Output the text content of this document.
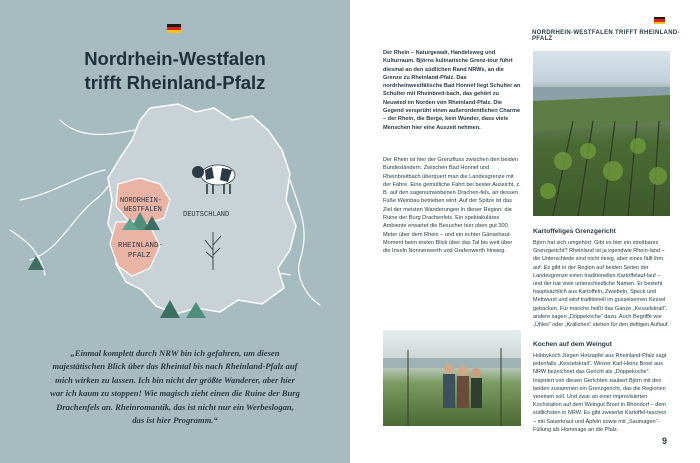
Nordrhein-Westfalen
trifft Rheinland-Pfalz
NORDRHEIN-
WESTFALEN
RHEINLAND-
PFALZ
DEUTSCHLAND
„Einmal komplett durch NRW bin ich gefahren, um diesen majestätischen Blick über das Rheintal bis nach Rheinland-Pfalz auf mich wirken zu lassen. Ich bin nicht der größte Wanderer, aber hier war ich kaum zu stoppen! Wie magisch zieht einen die Ruine der Burg Drachenfels an. Rheinromantik, das ist nicht nur ein Werbeslogan, das ist hier Programm.“
NORDRHEIN-WESTFALEN TRIFFT RHEINLAND-PFALZ
Der Rhein – Naturgewalt, Handelsweg und Kulturraum. Björns kulinarische Grenz-tour führt diesmal an den südlichen Rand NRWs, an die Grenze zu Rheinland-Pfalz. Das nordrheinwestfälische Bad Honnef liegt Schulter an Schulter mit Rheinbreit-bach, das gehört zu Neuwied im Norden von Rheinland-Pfalz. Die Gegend versprüht einen außerordentlichen Charme – der Rhein, die Berge, kein Wunder, dass viele Menschen hier eine Auszeit nehmen.
Der Rhein ist hier der Grenzfluss zwischen den beiden Bundesländern. Zwischen Bad Honnef und Rheinbreitbach überquert man die Landesgrenze mit der Fähre. Eine gemütliche Fahrt bei bester Aussicht, z. B. auf den sagenumwobenen Drachen-fels, an dessen Füße Weinbau betrieben wird. Auf der Spitze ist das Ziel der meisten Wanderungen in dieser Region: die Ruine der Burg Drachenfels. Ein spektakuläres Ambiente erwartet die Besucher hier oben gut 300 Meter über dem Rhein – und ein echter Gänsehaut-Moment beim ersten Blick über das Tal bis weit über die Inseln Nonnenwerth und Grafenwerth hinweg.
Kartoffeliges Grenzgericht
Björn hat sich umgehört: Gibt es hier ein streitbares Grenzgericht? Rheinland ist ja irgendwie Rhein-land – die Unterschiede sind nicht riesig, aber eines fällt ihm auf: Es gibt in der Region auf beiden Seiten der Landesgrenze einen traditionellen Kartoffelauf-lauf – und der hat viele unterschiedliche Namen. Er besteht hauptsächlich aus Kartoffeln, Zwiebeln, Speck und Mettwurst und wird traditionell im gusseisernen Kessel gebacken. Für manche heißt das Ganze „Kesselskrall“, andere sagen „Döppekoche“ dazu. Auch Begriffe wie „Ühles“ oder „Krällchen“ stehen für den deftigen Auflauf.
Kochen auf dem Weingut
Hobbykoch Jürgen Hotzapfel aus Rheinland-Pfalz sagt jedenfalls „Kesselskrall“. Winzer Karl-Heinz Broel aus NRW bezeichnet das Gericht als „Döppekoche“. Inspiriert von diesen Gerichten zaubert Björn mit den beiden zusammen ein Grenzgericht, das die Regionen vereinen soll. Und zwar an einer improvisierten Kochstation auf dem Weingut Broel in Rhöndorf – dem südlichsten in NRW. Es gibt zweierlei Kartoffel-taschen – mit Sauerkraut und Äpfeln sowie mit „Saumagen“-Füllung als Hommage an die Pfalz.
9
